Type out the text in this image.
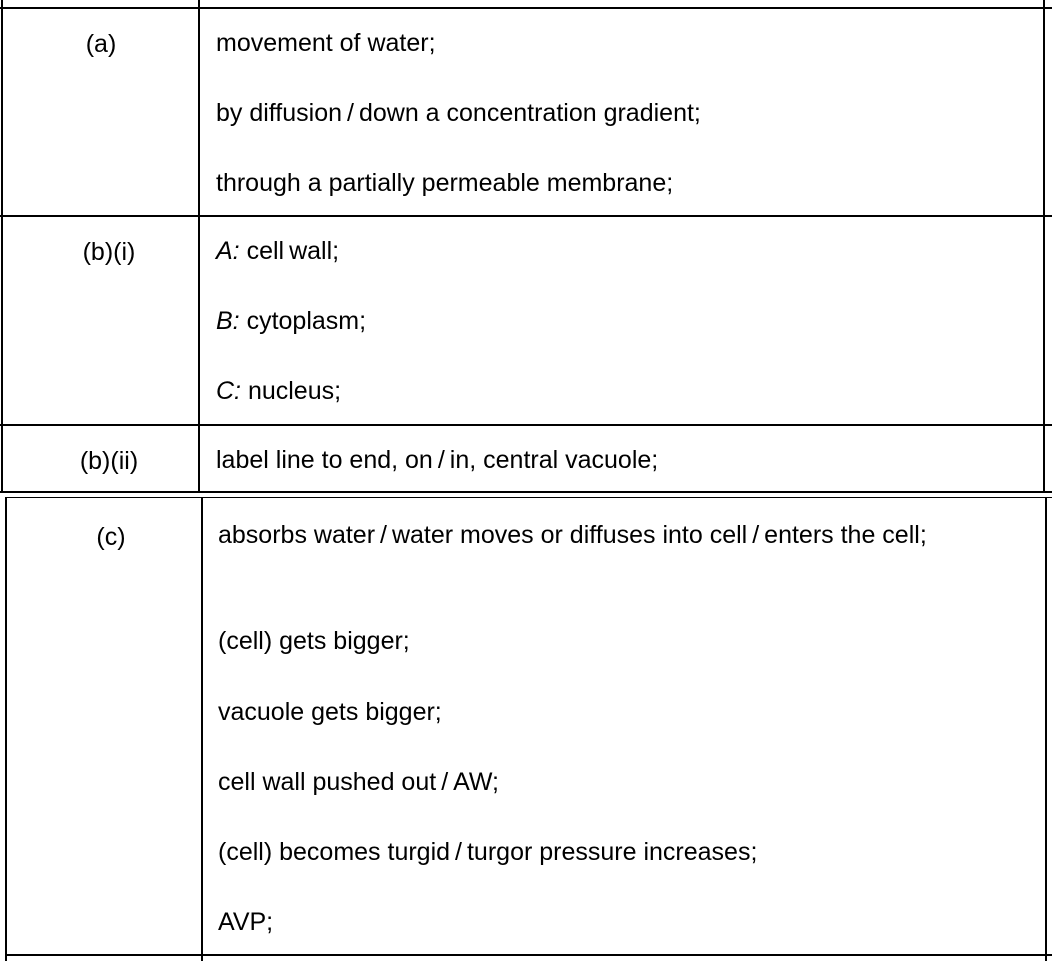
(a)	movement of water;
by diffusion / down a concentration gradient;
through a partially permeable membrane;
(b)(i)	A: cell wall;
B: cytoplasm;
C: nucleus;
(b)(ii)	label line to end, on / in, central vacuole;
(c)	absorbs water / water moves or diffuses into cell / enters the cell;
(cell) gets bigger;
vacuole gets bigger;
cell wall pushed out / AW;
(cell) becomes turgid / turgor pressure increases;
AVP;
